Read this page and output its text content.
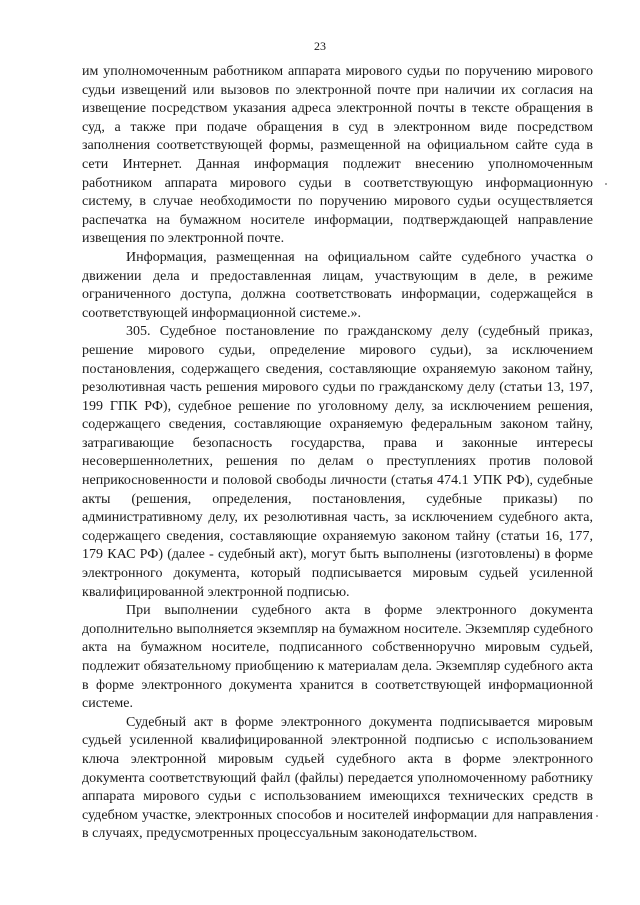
23

им уполномоченным работником аппарата мирового судьи по поручению мирового судьи извещений или вызовов по электронной почте при наличии их согласия на извещение посредством указания адреса электронной почты в тексте обращения в суд, а также при подаче обращения в суд в электронном виде посредством заполнения соответствующей формы, размещенной на официальном сайте суда в сети Интернет. Данная информация подлежит внесению уполномоченным работником аппарата мирового судьи в соответствующую информационную систему, в случае необходимости по поручению мирового судьи осуществляется распечатка на бумажном носителе информации, подтверждающей направление извещения по электронной почте.

Информация, размещенная на официальном сайте судебного участка о движении дела и предоставленная лицам, участвующим в деле, в режиме ограниченного доступа, должна соответствовать информации, содержащейся в соответствующей информационной системе.».

305. Судебное постановление по гражданскому делу (судебный приказ, решение мирового судьи, определение мирового судьи), за исключением постановления, содержащего сведения, составляющие охраняемую законом тайну, резолютивная часть решения мирового судьи по гражданскому делу (статьи 13, 197, 199 ГПК РФ), судебное решение по уголовному делу, за исключением решения, содержащего сведения, составляющие охраняемую федеральным законом тайну, затрагивающие безопасность государства, права и законные интересы несовершеннолетних, решения по делам о преступлениях против половой неприкосновенности и половой свободы личности (статья 474.1 УПК РФ), судебные акты (решения, определения, постановления, судебные приказы) по административному делу, их резолютивная часть, за исключением судебного акта, содержащего сведения, составляющие охраняемую законом тайну (статьи 16, 177, 179 КАС РФ) (далее - судебный акт), могут быть выполнены (изготовлены) в форме электронного документа, который подписывается мировым судьей усиленной квалифицированной электронной подписью.

При выполнении судебного акта в форме электронного документа дополнительно выполняется экземпляр на бумажном носителе. Экземпляр судебного акта на бумажном носителе, подписанного собственноручно мировым судьей, подлежит обязательному приобщению к материалам дела. Экземпляр судебного акта в форме электронного документа хранится в соответствующей информационной системе.

Судебный акт в форме электронного документа подписывается мировым судьей усиленной квалифицированной электронной подписью с использованием ключа электронной мировым судьей судебного акта в форме электронного документа соответствующий файл (файлы) передается уполномоченному работнику аппарата мирового судьи с использованием имеющихся технических средств в судебном участке, электронных способов и носителей информации для направления в случаях, предусмотренных процессуальным законодательством.
